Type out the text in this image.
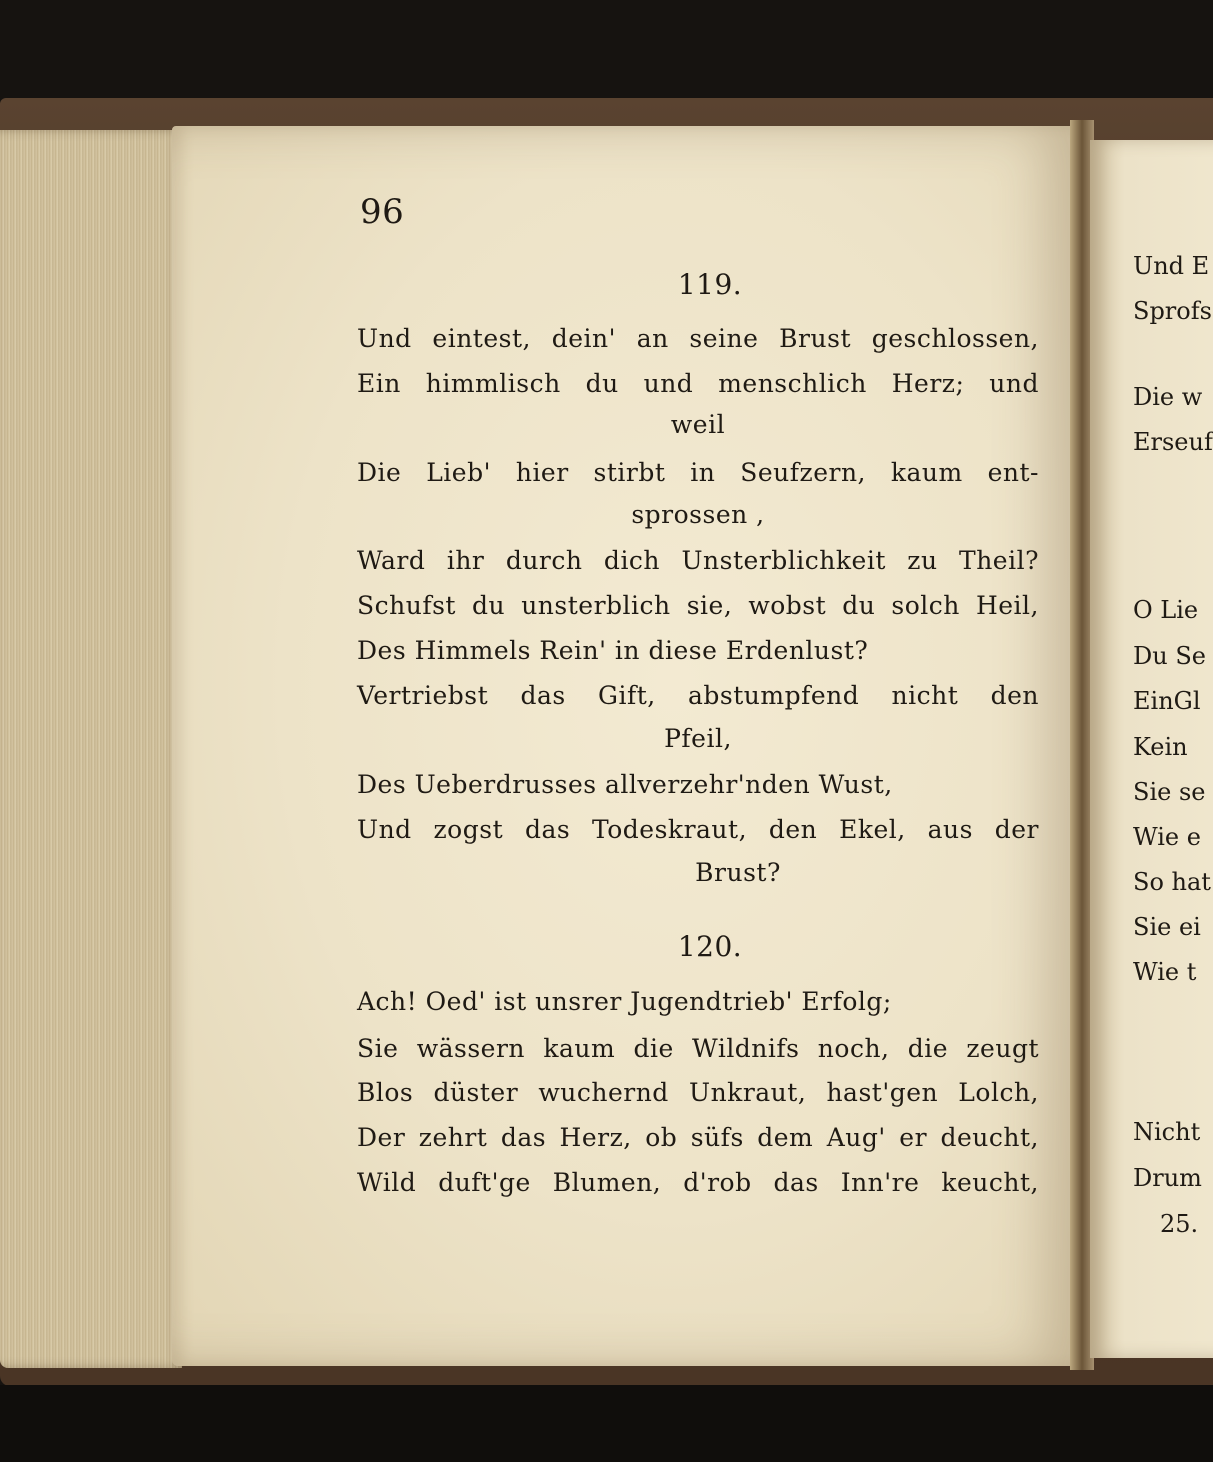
96
119.
Und eintest, dein' an seine Brust geschlossen,
Ein himmlisch du und menschlich Herz; und
weil
Die Lieb' hier stirbt in Seufzern, kaum ent-
sprossen ,
Ward ihr durch dich Unsterblichkeit zu Theil?
Schufst du unsterblich sie, wobst du solch Heil,
Des Himmels Rein' in diese Erdenlust?
Vertriebst das Gift, abstumpfend nicht den
Pfeil,
Des Ueberdrusses allverzehr'nden Wust,
Und zogst das Todeskraut, den Ekel, aus der
Brust?
120.
Ach! Oed' ist unsrer Jugendtrieb' Erfolg;
Sie wässern kaum die Wildnifs noch, die zeugt
Blos düster wuchernd Unkraut, hast'gen Lolch,
Der zehrt das Herz, ob süfs dem Aug' er deucht,
Wild duft'ge Blumen, d'rob das Inn're keucht,
Und E
Sprofs
Die w
Erseuf
O Lie
Du Se
EinGl
Kein
Sie se
Wie e
So hat
Sie ei
Wie t
Nicht
Drum
25.
